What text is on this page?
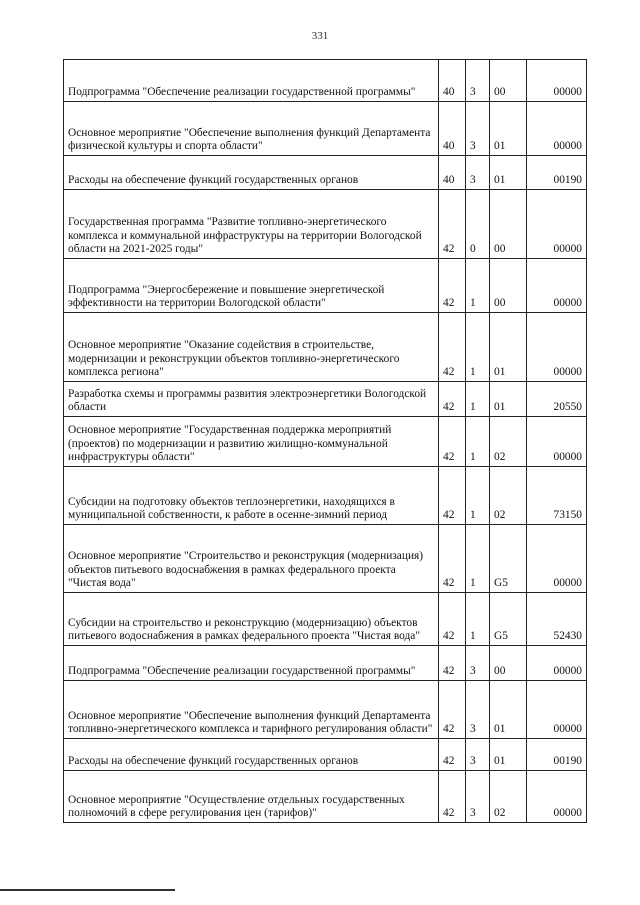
331
Подпрограмма "Обеспечение реализации государственной программы"	40	3	00	00000
Основное мероприятие "Обеспечение выполнения функций Департамента физической культуры и спорта области"	40	3	01	00000
Расходы на обеспечение функций государственных органов	40	3	01	00190
Государственная программа "Развитие топливно-энергетического комплекса и коммунальной инфраструктуры на территории Вологодской области на 2021-2025 годы"	42	0	00	00000
Подпрограмма "Энергосбережение и повышение энергетической эффективности на территории Вологодской области"	42	1	00	00000
Основное мероприятие "Оказание содействия в строительстве, модернизации и реконструкции объектов топливно-энергетического комплекса региона"	42	1	01	00000
Разработка схемы и программы развития электроэнергетики Вологодской области	42	1	01	20550
Основное мероприятие "Государственная поддержка мероприятий (проектов) по модернизации и развитию жилищно-коммунальной инфраструктуры области"	42	1	02	00000
Субсидии на подготовку объектов теплоэнергетики, находящихся в муниципальной собственности, к работе в осенне-зимний период	42	1	02	73150
Основное мероприятие "Строительство и реконструкция (модернизация) объектов питьевого водоснабжения в рамках федерального проекта "Чистая вода"	42	1	G5	00000
Субсидии на строительство и реконструкцию (модернизацию) объектов питьевого водоснабжения в рамках федерального проекта "Чистая вода"	42	1	G5	52430
Подпрограмма "Обеспечение реализации государственной программы"	42	3	00	00000
Основное мероприятие "Обеспечение выполнения функций Департамента топливно-энергетического комплекса и тарифного регулирования области"	42	3	01	00000
Расходы на обеспечение функций государственных органов	42	3	01	00190
Основное мероприятие "Осуществление отдельных государственных полномочий в сфере регулирования цен (тарифов)"	42	3	02	00000
